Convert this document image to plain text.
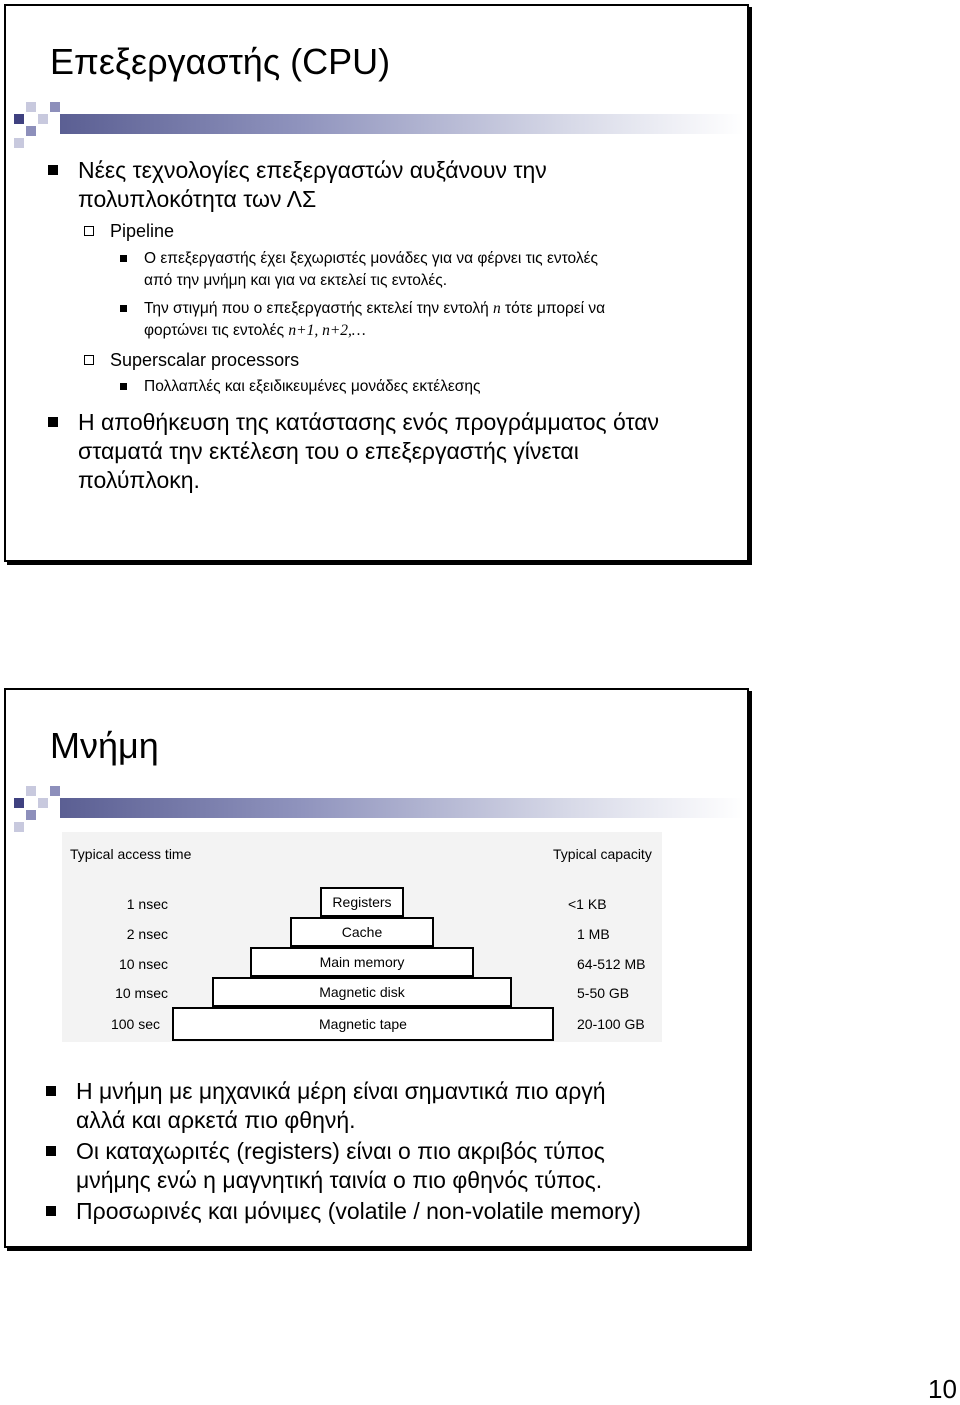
Επεξεργαστής (CPU)
Νέες τεχνολογίες επεξεργαστών αυξάνουν την
πολυπλοκότητα των ΛΣ
Pipeline
Ο επεξεργαστής έχει ξεχωριστές μονάδες για να φέρνει τις εντολές
από την μνήμη και για να εκτελεί τις εντολές.
Την στιγμή που ο επεξεργαστής εκτελεί την εντολή n τότε μπορεί να
φορτώνει τις εντολές n+1, n+2,…
Superscalar processors
Πολλαπλές και εξειδικευμένες μονάδες εκτέλεσης
Η αποθήκευση της κατάστασης ενός προγράμματος όταν
σταματά την εκτέλεση του ο επεξεργαστής γίνεται
πολύπλοκη.
Μνήμη
Typical access time	Typical capacity
1 nsec
2 nsec
10 nsec
10 msec
100 sec
Registers
Cache
Main memory
Magnetic disk
Magnetic tape
<1 KB
1 MB
64-512 MB
5-50 GB
20-100 GB
Η μνήμη με μηχανικά μέρη είναι σημαντικά πιο αργή
αλλά και αρκετά πιο φθηνή.
Οι καταχωριτές (registers) είναι ο πιο ακριβός τύπος
μνήμης ενώ η μαγνητική ταινία ο πιο φθηνός τύπος.
Προσωρινές και μόνιμες (volatile / non-volatile memory)
10
